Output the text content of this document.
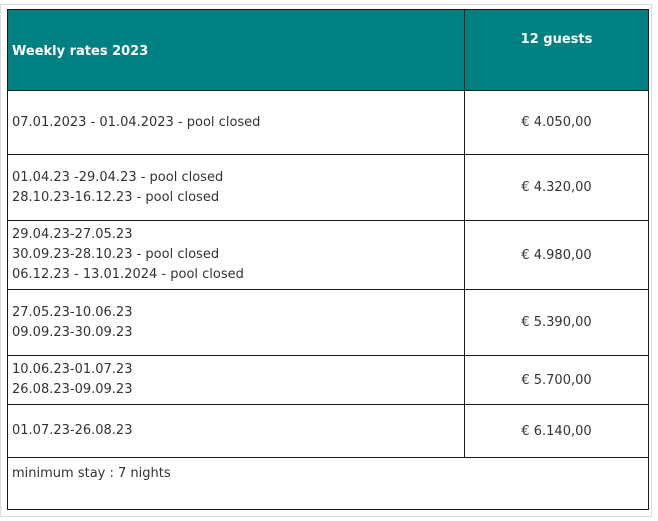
Weekly rates 2023	12 guests

07.01.2023 - 01.04.2023 - pool closed	€ 4.050,00

01.04.23 -29.04.23 - pool closed
28.10.23-16.12.23 - pool closed	€ 4.320,00

29.04.23-27.05.23
30.09.23-28.10.23 - pool closed
06.12.23 - 13.01.2024 - pool closed	€ 4.980,00

27.05.23-10.06.23
09.09.23-30.09.23	€ 5.390,00

10.06.23-01.07.23
26.08.23-09.09.23	€ 5.700,00

01.07.23-26.08.23	€ 6.140,00
minimum stay : 7 nights	
